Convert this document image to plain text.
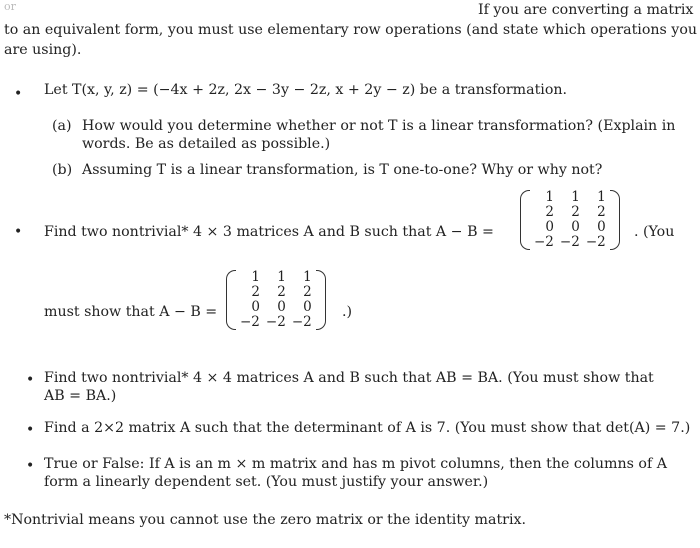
or	If you are converting a matrix
to an equivalent form, you must use elementary row operations (and state which operations you
are using).
• Let T(x, y, z) = (−4x + 2z, 2x − 3y − 2z, x + 2y − z) be a transformation.
(a) How would you determine whether or not T is a linear transformation? (Explain in
words. Be as detailed as possible.)
(b) Assuming T is a linear transformation, is T one-to-one? Why or why not?
• Find two nontrivial* 4 × 3 matrices A and B such that A − B =
1	1	1
2	2	2
0	0	0
−2	−2	−2
. (You
must show that A − B =
1	1	1
2	2	2
0	0	0
−2	−2	−2
.)
• Find two nontrivial* 4 × 4 matrices A and B such that AB = BA. (You must show that
AB = BA.)
• Find a 2×2 matrix A such that the determinant of A is 7. (You must show that det(A) = 7.)
• True or False: If A is an m × m matrix and has m pivot columns, then the columns of A
form a linearly dependent set. (You must justify your answer.)
*Nontrivial means you cannot use the zero matrix or the identity matrix.
